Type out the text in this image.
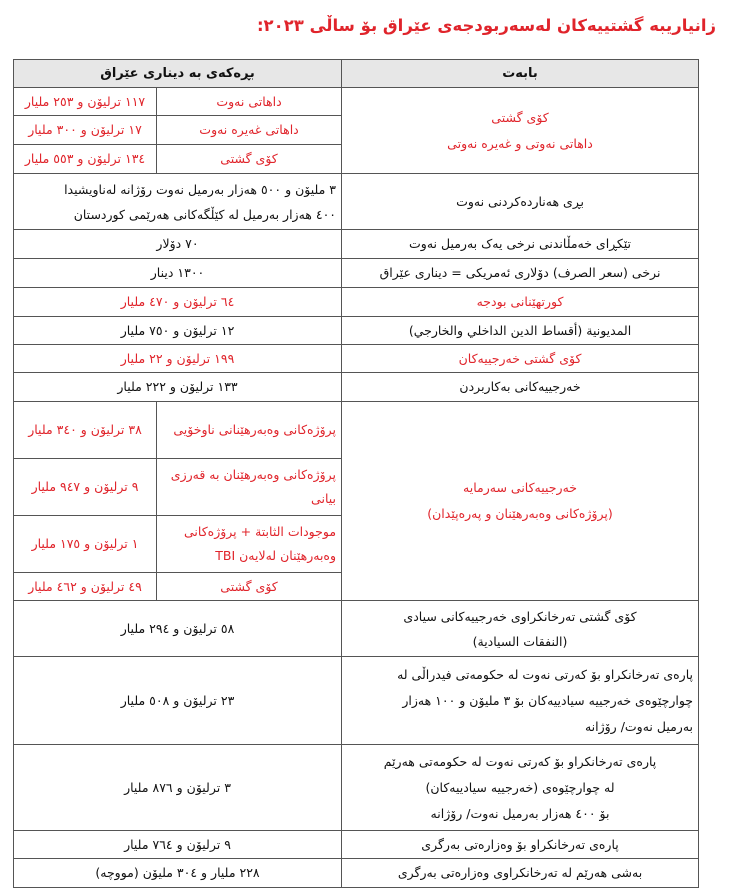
زانیاریبە گشتییەکان لەسەربودجەی عێراق بۆ ساڵی ٢٠٢٣:
بابەت	بڕەکەی بە دیناری عێراق	

کۆی گشتی
داهاتی نەوتی و غەیرە نەوتی	داهاتی نەوت	١١٧ ترلیۆن و ٢٥٣ ملیار
	داهاتی غەیرە نەوت	١٧ ترلیۆن و ٣٠٠ ملیار
	کۆی گشتی	١٣٤ ترلیۆن و ٥٥٣ ملیار
بڕی هەناردەکردنی نەوت	٣ ملیۆن و ٥٠٠ هەزار بەرمیل نەوت رۆژانە لەناویشیدا
٤٠٠ هەزار بەرمیل لە کێڵگەکانی هەرێمی کوردستان	

تێکڕای خەمڵاندنی نرخی یەک بەرمیل نەوت	٧٠ دۆلار	
نرخی (سعر الصرف) دۆلاری ئەمریکی = دیناری عێراق	١٣٠٠ دینار	
کورتهێنانی بودجە	٦٤ ترلیۆن و ٤٧٠ ملیار	
المديونية (أقساط الدين الداخلي والخارجي)	١٢ ترلیۆن و ٧٥٠ ملیار	
کۆی گشتی خەرجییەکان	١٩٩ ترلیۆن و ٢٢ ملیار	
خەرجییەکانی بەکاربردن	١٣٣ ترلیۆن و ٢٢٢ ملیار	

خەرجییەکانی سەرمایە
(پرۆژەکانی وەبەرهێنان و پەرەپێدان)	پرۆژەکانی وەبەرهێنانی ناوخۆیی	٣٨ ترلیۆن و ٣٤٠ ملیار
	پرۆژەکانی وەبەرهێنان بە قەرزی بیانی	٩ ترلیۆن و ٩٤٧ ملیار
	موجودات الثابتة + پرۆژەکانی وەبەرهێنان لەلایەن TBI	١ ترلیۆن و ١٧٥ ملیار
	کۆی گشتی	٤٩ ترلیۆن و ٤٦٢ ملیار

کۆی گشتی تەرخانکراوی خەرجییەکانی سیادی
(النفقات السيادية)	٥٨ ترلیۆن و ٢٩٤ ملیار	

پارەی تەرخانکراو بۆ کەرتی نەوت لە حکومەتی فیدراڵی لە
چوارچێوەی خەرجییە سیادییەکان بۆ ٣ ملیۆن و ١٠٠ هەزار
بەرمیل نەوت/ رۆژانە	٢٣ ترلیۆن و ٥٠٨ ملیار	

پارەی تەرخانکراو بۆ کەرتی نەوت لە حکومەتی هەرێم
لە چوارچێوەی (خەرجییە سیادییەکان)
بۆ ٤٠٠ هەزار بەرمیل نەوت/ رۆژانە	٣ ترلیۆن و ٨٧٦ ملیار	
پارەی تەرخانکراو بۆ وەزارەتی بەرگری	٩ ترلیۆن و ٧٦٤ ملیار	
بەشی هەرێم لە تەرخانکراوی وەزارەتی بەرگری	٢٢٨ ملیار و ٣٠٤ ملیۆن (مووچە)	
